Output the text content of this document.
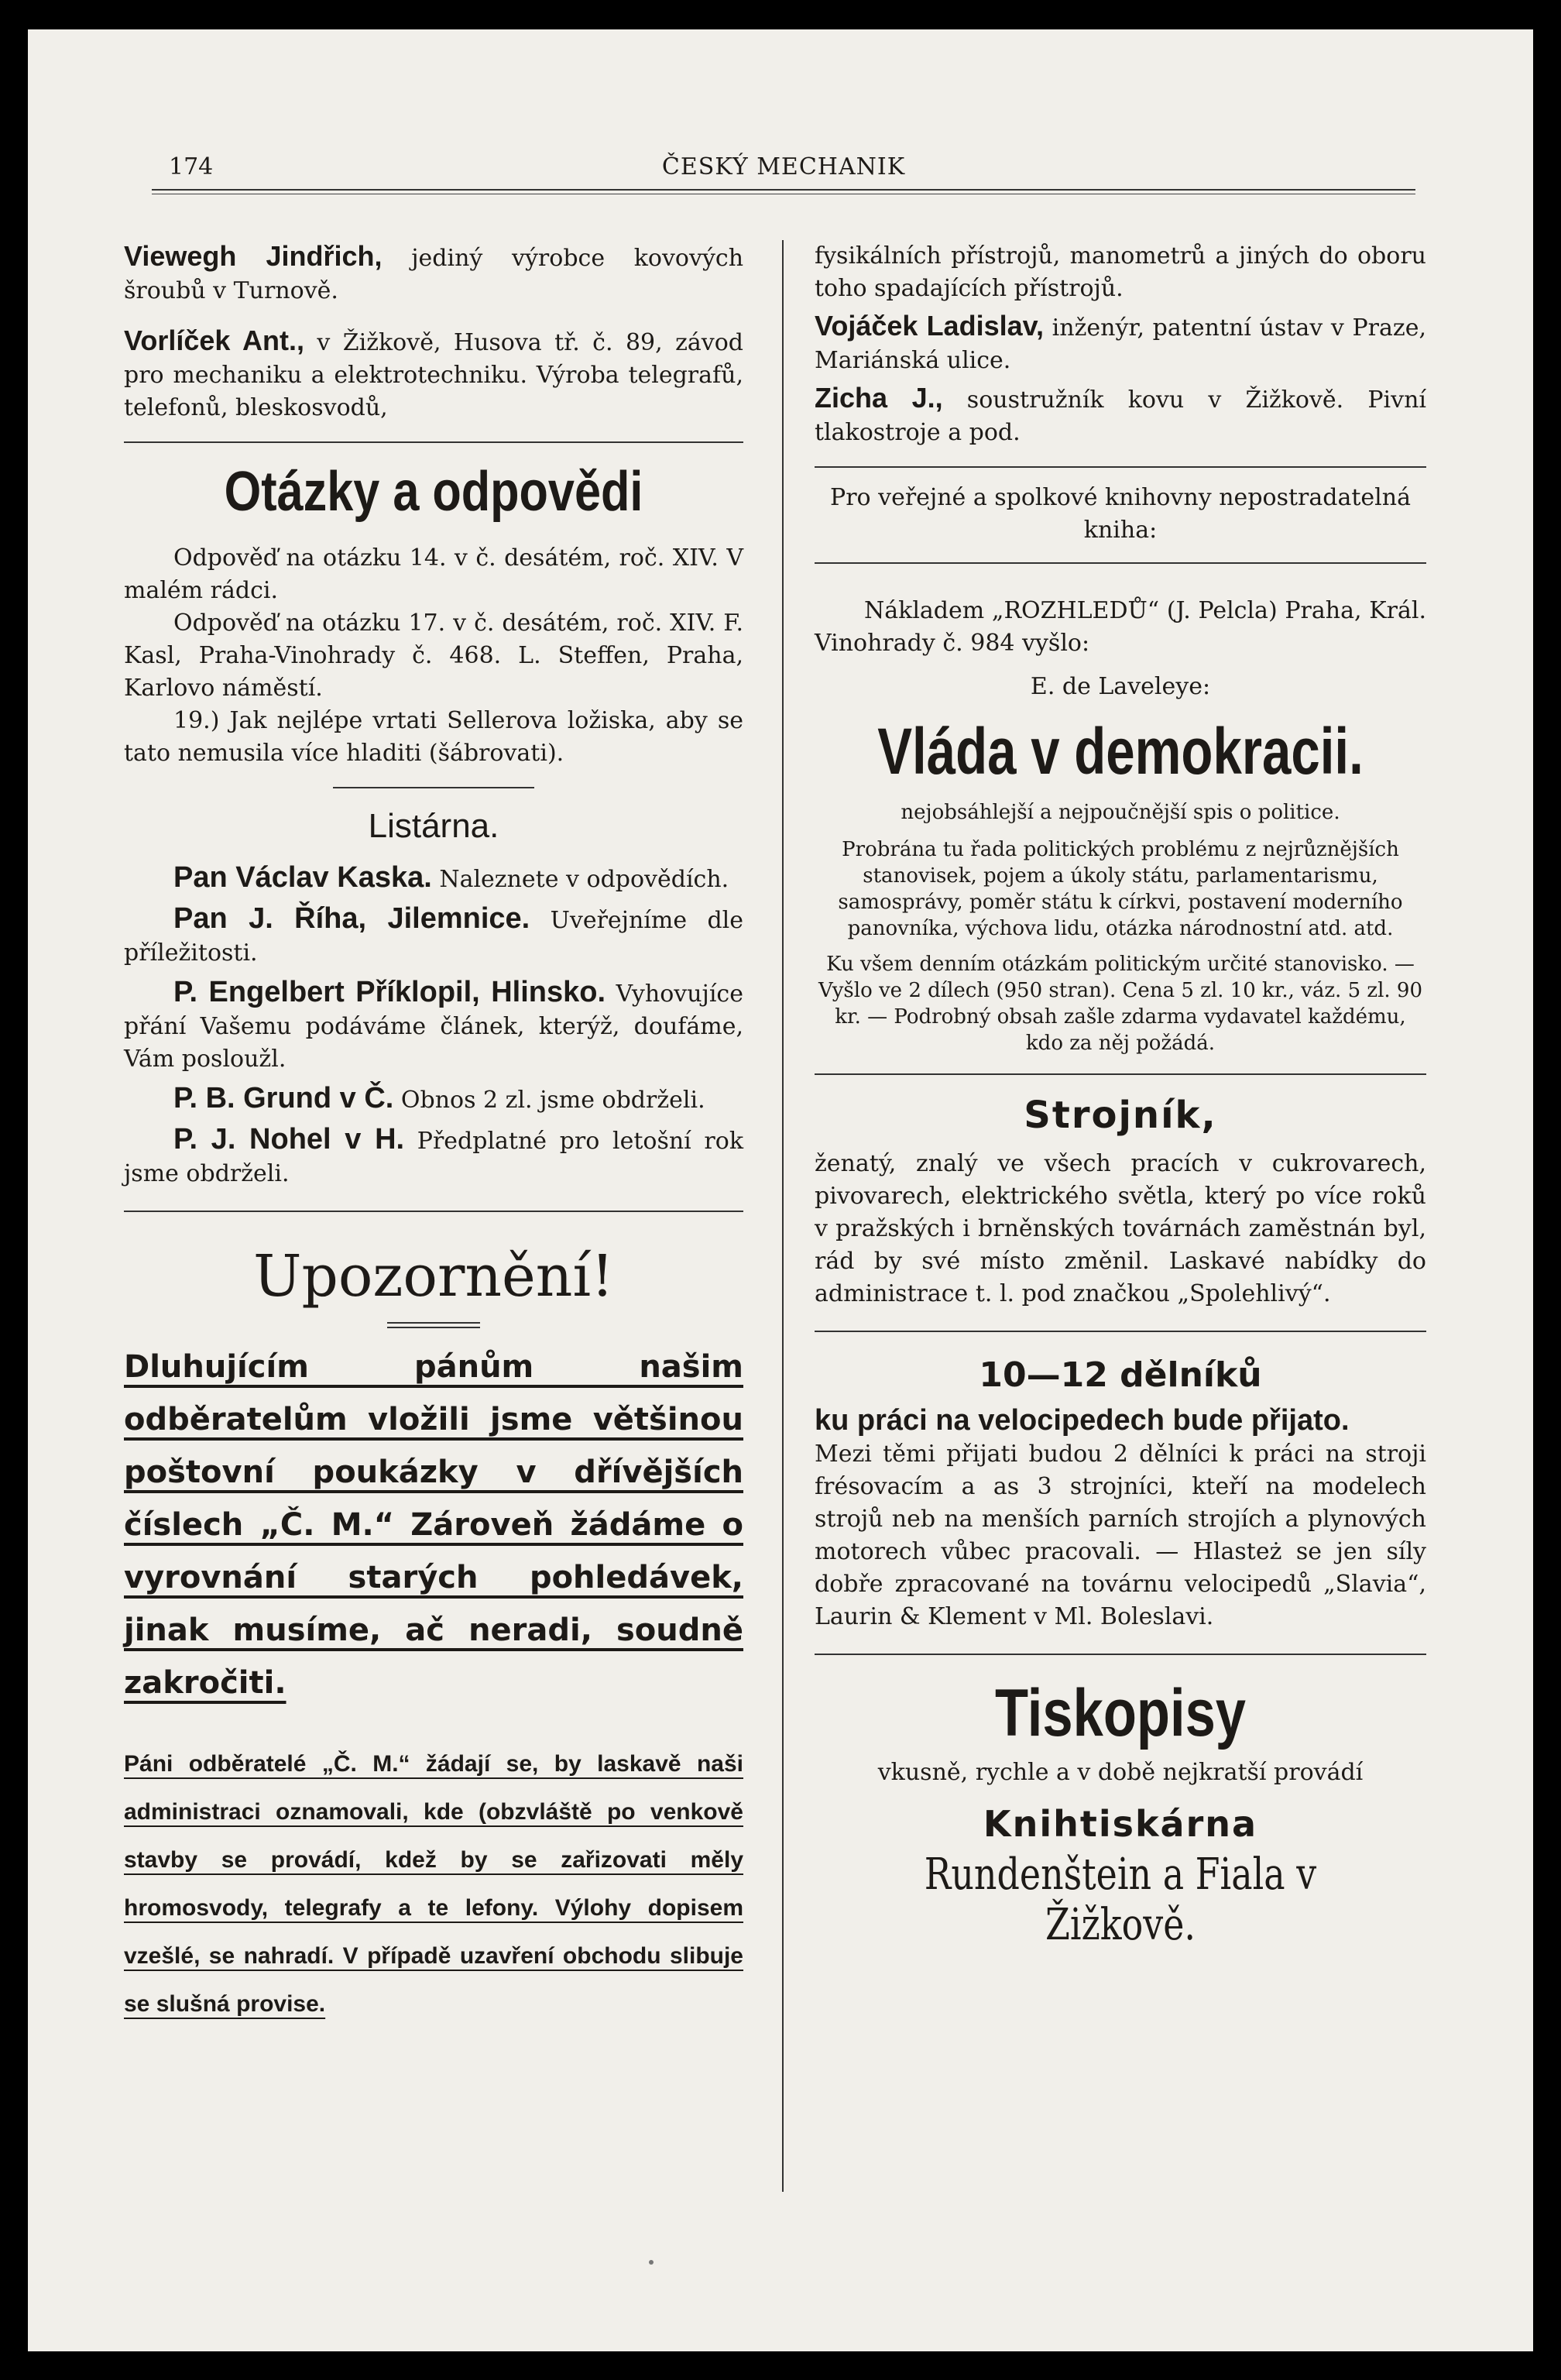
174	ČESKÝ MECHANIK

Viewegh Jindřich, jediný výrobce kovových šroubů v Turnově.

Vorlíček Ant., v Žižkově, Husova tř. č. 89, závod pro mechaniku a elektrotechniku. Výroba telegrafů, telefonů, bleskosvodů,

Otázky a odpovědi

Odpověď na otázku 14. v č. desátém, roč. XIV. V malém rádci.

Odpověď na otázku 17. v č. desátém, roč. XIV. F. Kasl, Praha-Vinohrady č. 468. L. Steffen, Praha, Karlovo náměstí.

19.) Jak nejlépe vrtati Sellerova ložiska, aby se tato nemusila více hladiti (šábrovati).

Listárna.

Pan Václav Kaska. Naleznete v odpovědích.

Pan J. Říha, Jilemnice. Uveřejníme dle příležitosti.

P. Engelbert Příklopil, Hlinsko. Vyhovujíce přání Vašemu podáváme článek, kterýž, doufáme, Vám posloužl.

P. B. Grund v Č. Obnos 2 zl. jsme obdrželi.

P. J. Nohel v H. Předplatné pro letošní rok jsme obdrželi.

Upozornění!

Dluhujícím pánům našim odběratelům vložili jsme většinou poštovní poukázky v dřívějších číslech „Č. M.“ Zároveň žádáme o vyrovnání starých pohledávek, jinak musíme, ač neradi, soudně zakročiti.

Páni odběratelé „Č. M.“ žádají se, by laskavě naši administraci oznamovali, kde (obzvláště po venkově stavby se provádí, kdež by se zařizovati měly hromosvody, telegrafy a te lefony. Výlohy dopisem vzešlé, se nahradí. V případě uzavření obchodu slibuje se slušná provise.

fysikálních přístrojů, manometrů a jiných do oboru toho spadajících přístrojů.

Vojáček Ladislav, inženýr, patentní ústav v Praze, Mariánská ulice.

Zicha J., soustružník kovu v Žižkově. Pivní tlakostroje a pod.

Pro veřejné a spolkové knihovny nepostradatelná kniha:

Nákladem „ROZHLEDŮ“ (J. Pelcla) Praha, Král. Vinohrady č. 984 vyšlo:

E. de Laveleye:

Vláda v demokracii.

nejobsáhlejší a nejpoučnější spis o politice.

Probrána tu řada politických problému z nejrůznějších stanovisek, pojem a úkoly státu, parlamentarismu, samosprávy, poměr státu k církvi, postavení moderního panovníka, výchova lidu, otázka národnostní atd. atd.

Ku všem denním otázkám politickým určité stanovisko. — Vyšlo ve 2 dílech (950 stran). Cena 5 zl. 10 kr., váz. 5 zl. 90 kr. — Podrobný obsah zašle zdarma vydavatel každému, kdo za něj požádá.

Strojník,

ženatý, znalý ve všech pracích v cukrovarech, pivovarech, elektrického světla, který po více roků v pražských i brněnských továrnách zaměstnán byl, rád by své místo změnil. Laskavé nabídky do administrace t. l. pod značkou „Spolehlivý“.

10—12 dělníků

ku práci na velocipedech bude přijato.

Mezi těmi přijati budou 2 dělníci k práci na stroji frésovacím a as 3 strojníci, kteří na modelech strojů neb na menších parních strojích a plynových motorech vůbec pracovali. — Hlasteż se jen síly dobře zpracované na továrnu velocipedů „Slavia“, Laurin & Klement v Ml. Boleslavi.

Tiskopisy

vkusně, rychle a v době nejkratší provádí

Knihtiskárna
Rundenštein a Fiala v Žižkově.
